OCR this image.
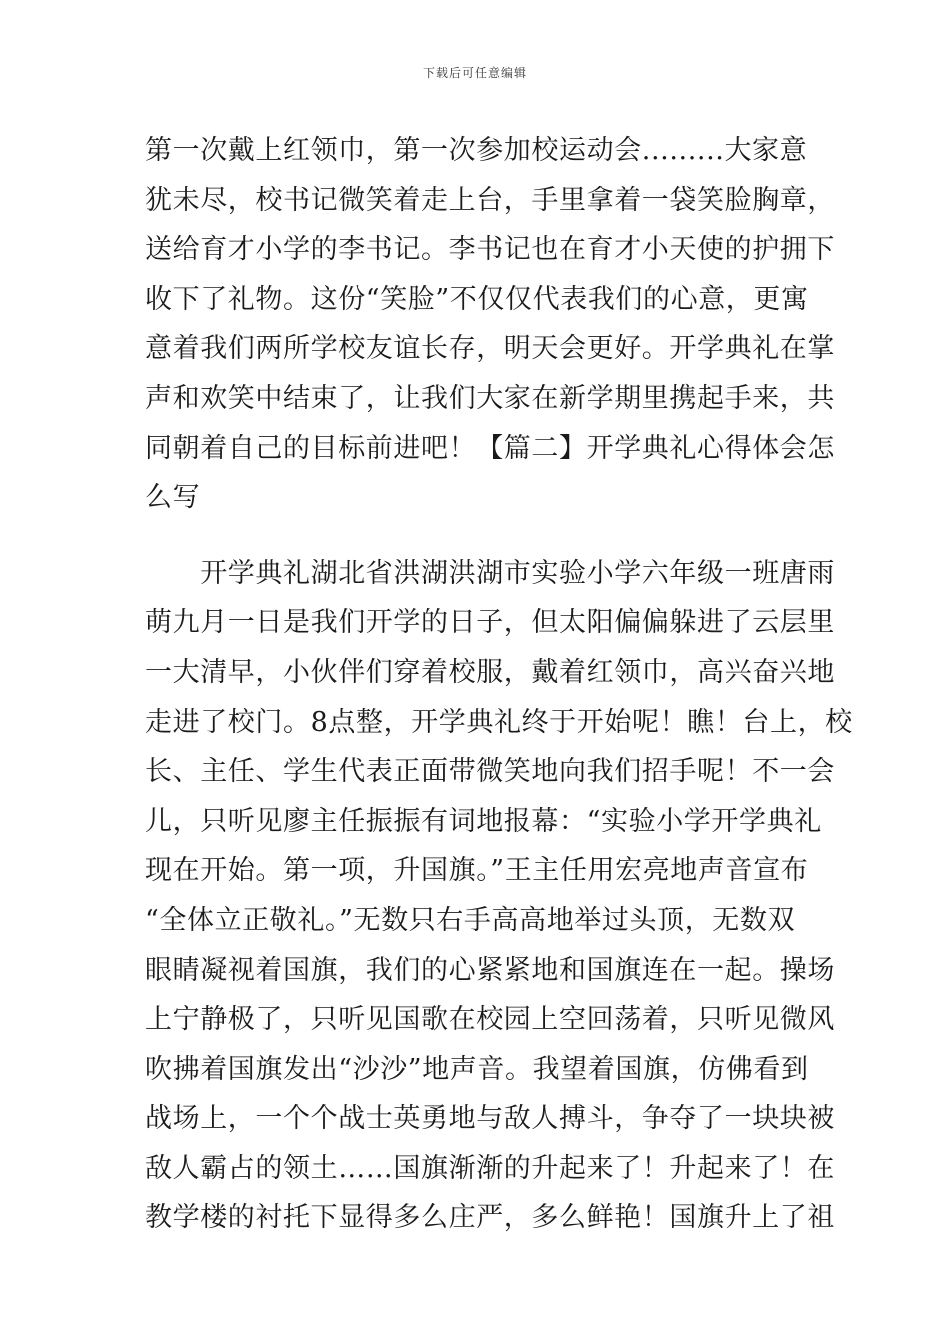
下载后可任意编辑
第一次戴上红领巾，第一次参加校运动会.........大家意
犹未尽，校书记微笑着走上台，手里拿着一袋笑脸胸章，
送给育才小学的李书记。李书记也在育才小天使的护拥下
收下了礼物。这份“笑脸”不仅仅代表我们的心意，更寓
意着我们两所学校友谊长存，明天会更好。开学典礼在掌
声和欢笑中结束了，让我们大家在新学期里携起手来，共
同朝着自己的目标前进吧！【篇二】开学典礼心得体会怎
么写
　　开学典礼湖北省洪湖洪湖市实验小学六年级一班唐雨
萌九月一日是我们开学的日子，但太阳偏偏躲进了云层里
一大清早，小伙伴们穿着校服，戴着红领巾，高兴奋兴地
走进了校门。8点整，开学典礼终于开始呢！瞧！台上，校
长、主任、学生代表正面带微笑地向我们招手呢！不一会
儿，只听见廖主任振振有词地报幕：“实验小学开学典礼
现在开始。第一项，升国旗。”王主任用宏亮地声音宣布
“全体立正敬礼。”无数只右手高高地举过头顶，无数双
眼睛凝视着国旗，我们的心紧紧地和国旗连在一起。操场
上宁静极了，只听见国歌在校园上空回荡着，只听见微风
吹拂着国旗发出“沙沙”地声音。我望着国旗，仿佛看到
战场上，一个个战士英勇地与敌人搏斗，争夺了一块块被
敌人霸占的领土……国旗渐渐的升起来了！升起来了！在
教学楼的衬托下显得多么庄严，多么鲜艳！国旗升上了祖
